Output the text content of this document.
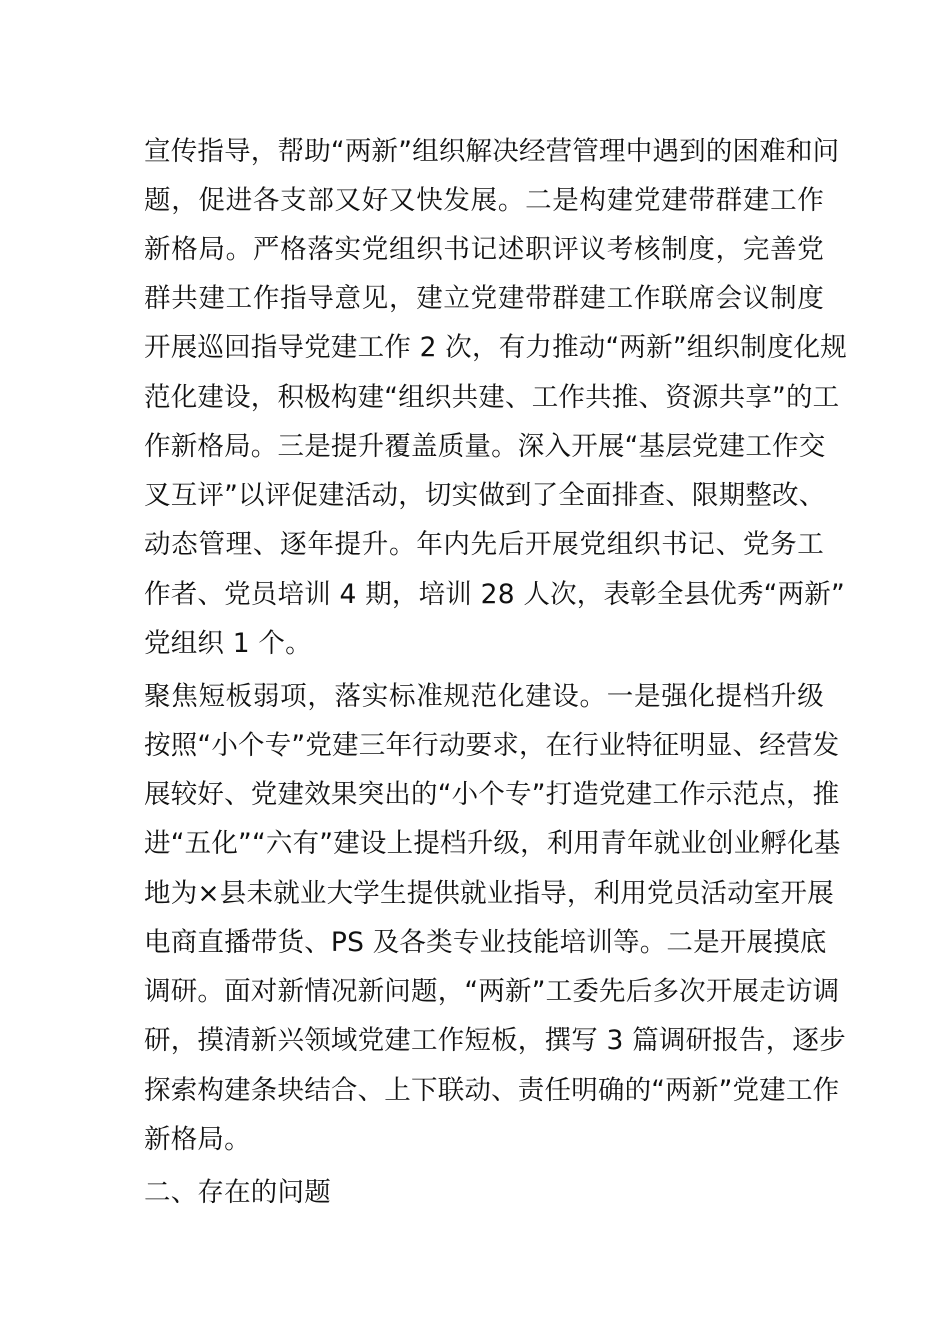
宣传指导，帮助“两新”组织解决经营管理中遇到的困难和问
题，促进各支部又好又快发展。二是构建党建带群建工作
新格局。严格落实党组织书记述职评议考核制度，完善党
群共建工作指导意见，建立党建带群建工作联席会议制度
开展巡回指导党建工作 2 次，有力推动“两新”组织制度化规
范化建设，积极构建“组织共建、工作共推、资源共享”的工
作新格局。三是提升覆盖质量。深入开展“基层党建工作交
叉互评”以评促建活动，切实做到了全面排查、限期整改、
动态管理、逐年提升。年内先后开展党组织书记、党务工
作者、党员培训 4 期，培训 28 人次，表彰全县优秀“两新”
党组织 1 个。
聚焦短板弱项，落实标准规范化建设。一是强化提档升级
按照“小个专”党建三年行动要求，在行业特征明显、经营发
展较好、党建效果突出的“小个专”打造党建工作示范点，推
进“五化”“六有”建设上提档升级，利用青年就业创业孵化基
地为×县未就业大学生提供就业指导，利用党员活动室开展
电商直播带货、PS 及各类专业技能培训等。二是开展摸底
调研。面对新情况新问题，“两新”工委先后多次开展走访调
研，摸清新兴领域党建工作短板，撰写 3 篇调研报告，逐步
探索构建条块结合、上下联动、责任明确的“两新”党建工作
新格局。
二、存在的问题
